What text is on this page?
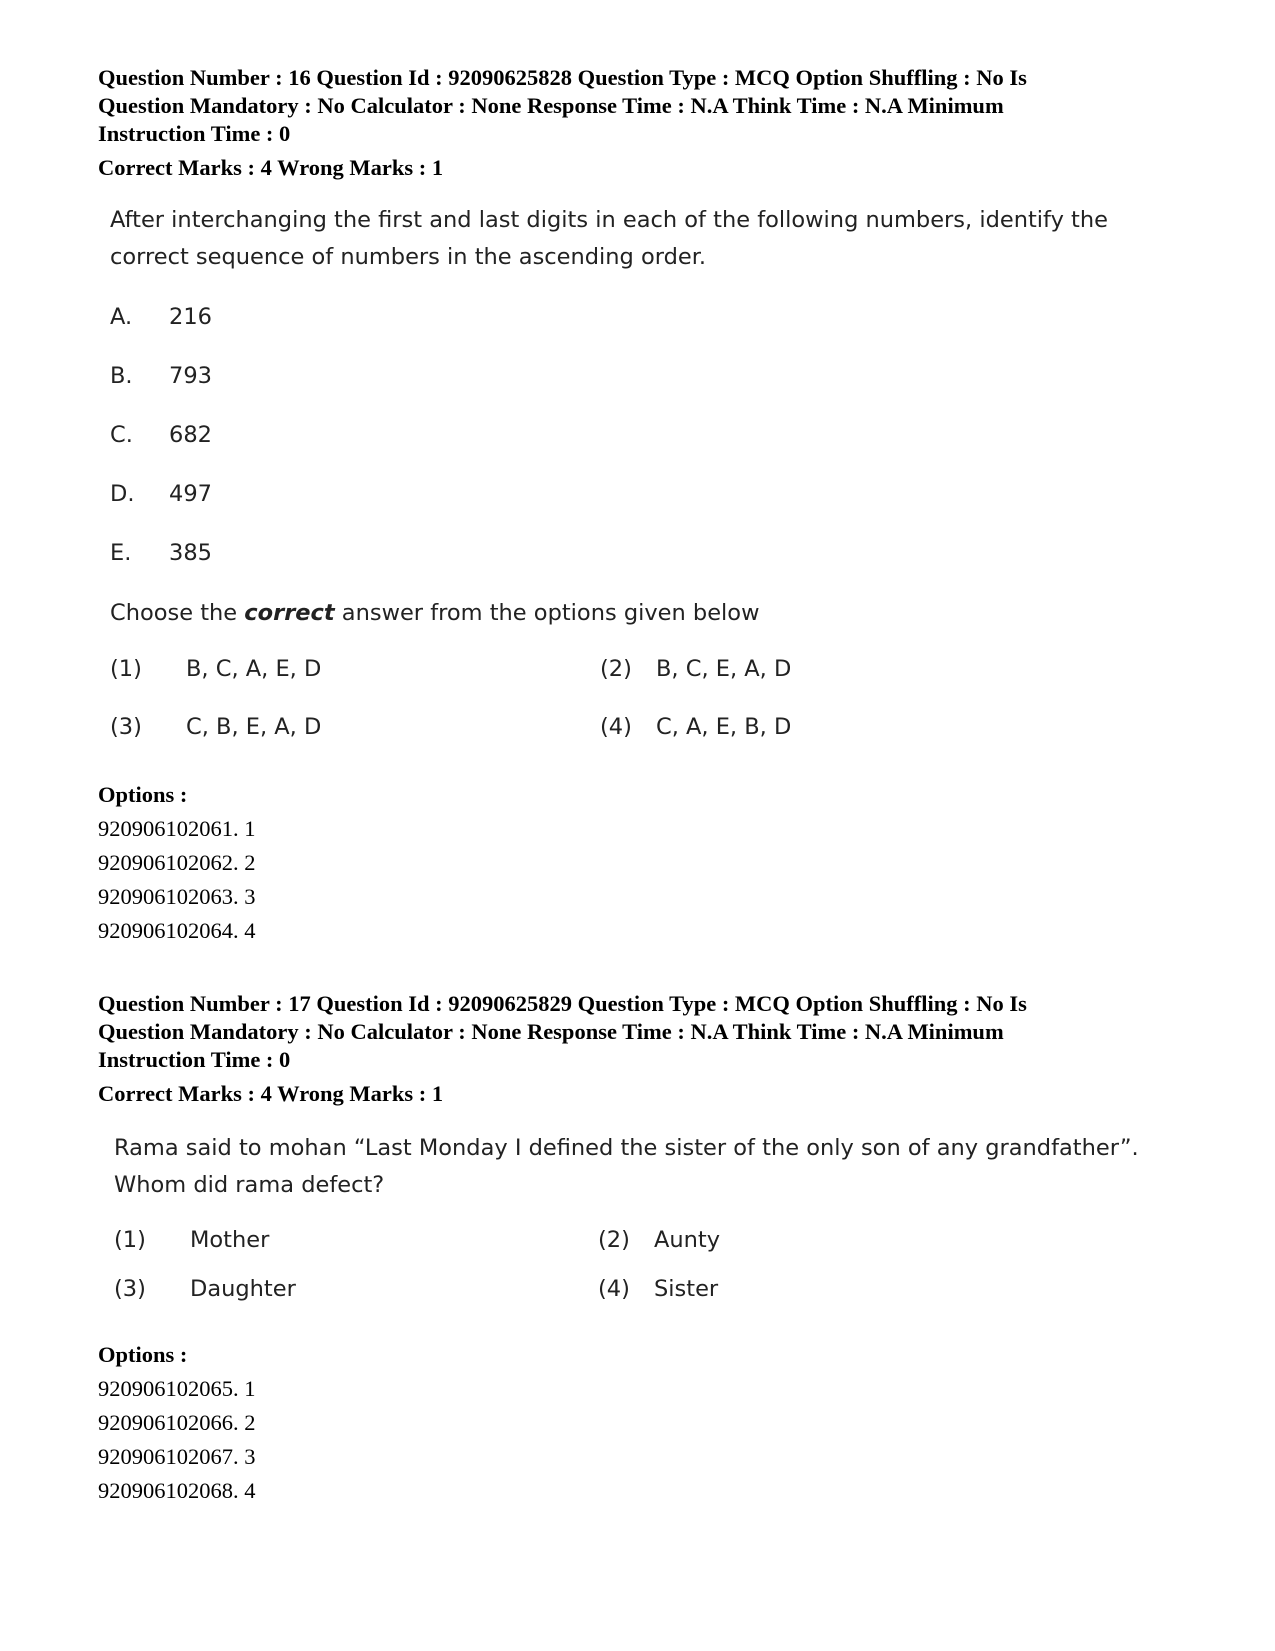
Question Number : 16 Question Id : 92090625828 Question Type : MCQ Option Shuffling : No Is
Question Mandatory : No Calculator : None Response Time : N.A Think Time : N.A Minimum
Instruction Time : 0
Correct Marks : 4 Wrong Marks : 1
After interchanging the first and last digits in each of the following numbers, identify the
correct sequence of numbers in the ascending order.
A.	216
B.	793
C.	682
D.	497
E.	385
Choose the correct answer from the options given below
(1)	B, C, A, E, D	(2)	B, C, E, A, D
(3)	C, B, E, A, D	(4)	C, A, E, B, D
Options :
920906102061. 1
920906102062. 2
920906102063. 3
920906102064. 4
Question Number : 17 Question Id : 92090625829 Question Type : MCQ Option Shuffling : No Is
Question Mandatory : No Calculator : None Response Time : N.A Think Time : N.A Minimum
Instruction Time : 0
Correct Marks : 4 Wrong Marks : 1
Rama said to mohan “Last Monday I defined the sister of the only son of any grandfather”.
Whom did rama defect?
(1)	Mother	(2)	Aunty
(3)	Daughter	(4)	Sister
Options :
920906102065. 1
920906102066. 2
920906102067. 3
920906102068. 4
